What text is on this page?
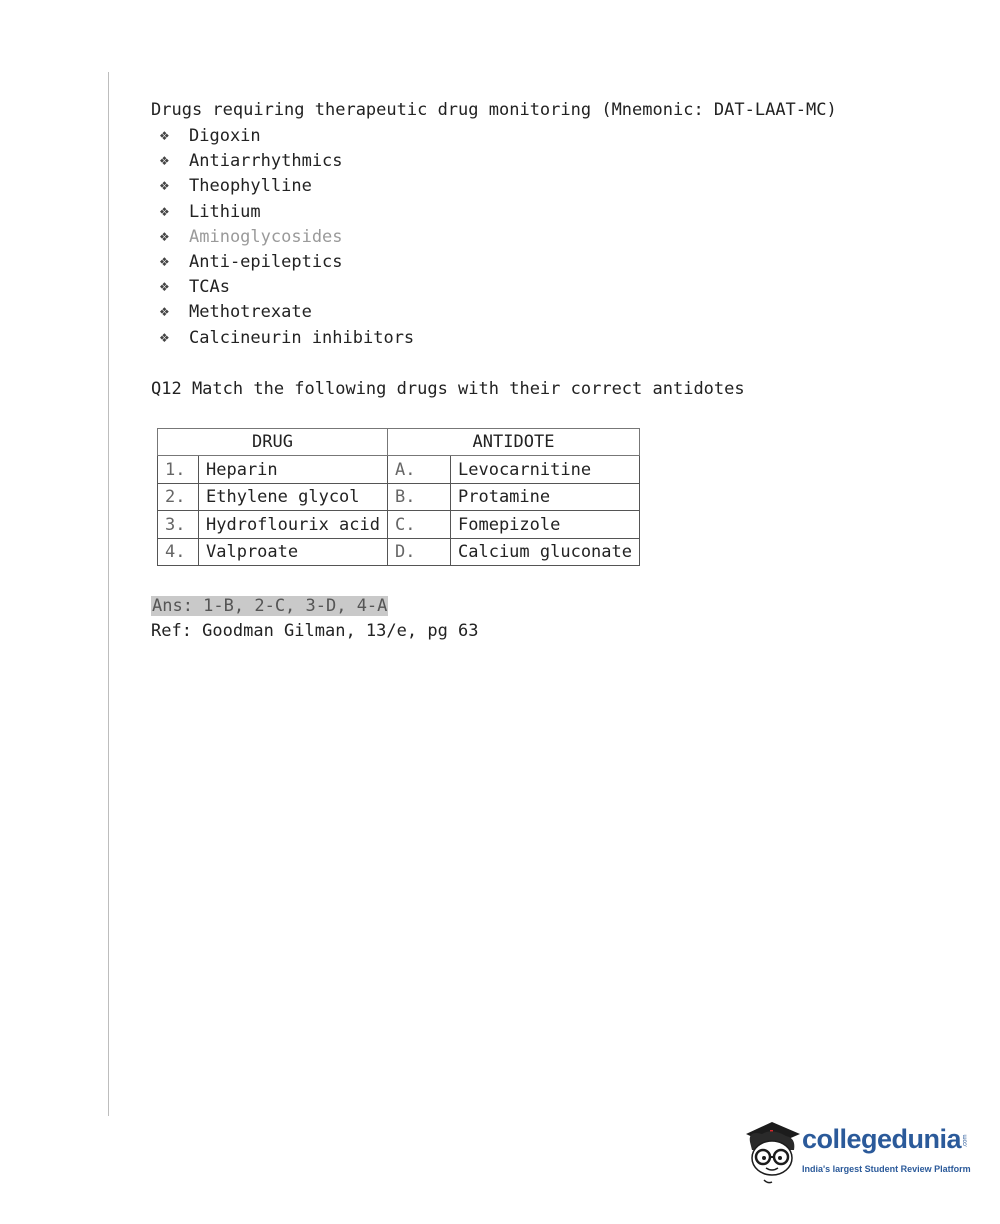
Drugs requiring therapeutic drug monitoring (Mnemonic: DAT-LAAT-MC)

❖	Digoxin
❖	Antiarrhythmics
❖	Theophylline
❖	Lithium
❖	Aminoglycosides
❖	Anti-epileptics
❖	TCAs
❖	Methotrexate
❖	Calcineurin inhibitors

Q12 Match the following drugs with their correct antidotes

DRUG		ANTIDOTE	
1.	Heparin	A.	Levocarnitine
2.	Ethylene glycol	B.	Protamine
3.	Hydroflourix acid	C.	Fomepizole
4.	Valproate	D.	Calcium gluconate
Ans: 1-B, 2-C, 3-D, 4-A
Ref: Goodman Gilman, 13/e, pg 63
collegedunia .com
India's largest Student Review Platform
